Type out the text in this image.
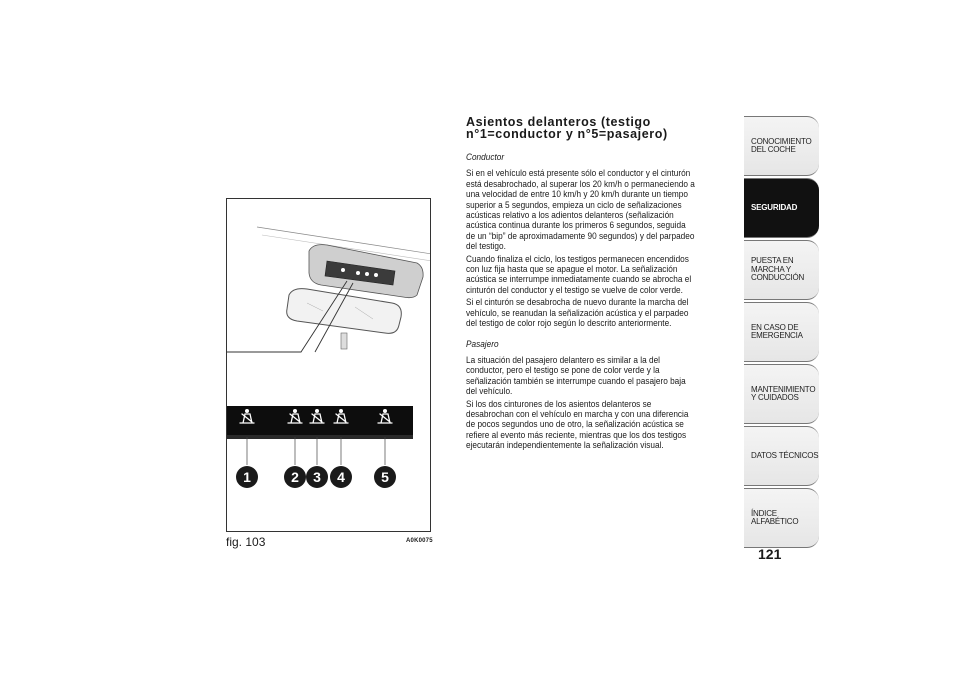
1	2 3 4	5
fig. 103	A0K0075
Asientos delanteros (testigo
n°1=conductor y n°5=pasajero)
Conductor

Si en el vehículo está presente sólo el conductor y el cinturón está desabrochado, al superar los 20 km/h o permaneciendo a una velocidad de entre 10 km/h y 20 km/h durante un tiempo superior a 5 segundos, empieza un ciclo de señalizaciones acústicas relativo a los adientos delanteros (señalización acústica continua durante los primeros 6 segundos, seguida de un “bip” de aproximadamente 90 segundos) y del parpadeo del testigo.

Cuando finaliza el ciclo, los testigos permanecen encendidos con luz fija hasta que se apague el motor. La señalización acústica se interrumpe inmediatamente cuando se abrocha el cinturón del conductor y el testigo se vuelve de color verde.

Si el cinturón se desabrocha de nuevo durante la marcha del vehículo, se reanudan la señalización acústica y el parpadeo del testigo de color rojo según lo descrito anteriormente.

Pasajero

La situación del pasajero delantero es similar a la del conductor, pero el testigo se pone de color verde y la señalización también se interrumpe cuando el pasajero baja del vehículo.

Si los dos cinturones de los asientos delanteros se desabrochan con el vehículo en marcha y con una diferencia de pocos segundos uno de otro, la señalización acústica se refiere al evento más reciente, mientras que los dos testigos ejecutarán independientemente la señalización visual.

CONOCIMIENTO DEL COCHE
SEGURIDAD
PUESTA EN MARCHA Y CONDUCCIÓN
EN CASO DE EMERGENCIA
MANTENIMIENTO Y CUIDADOS
DATOS TÉCNICOS
ÍNDICE ALFABÉTICO
121
